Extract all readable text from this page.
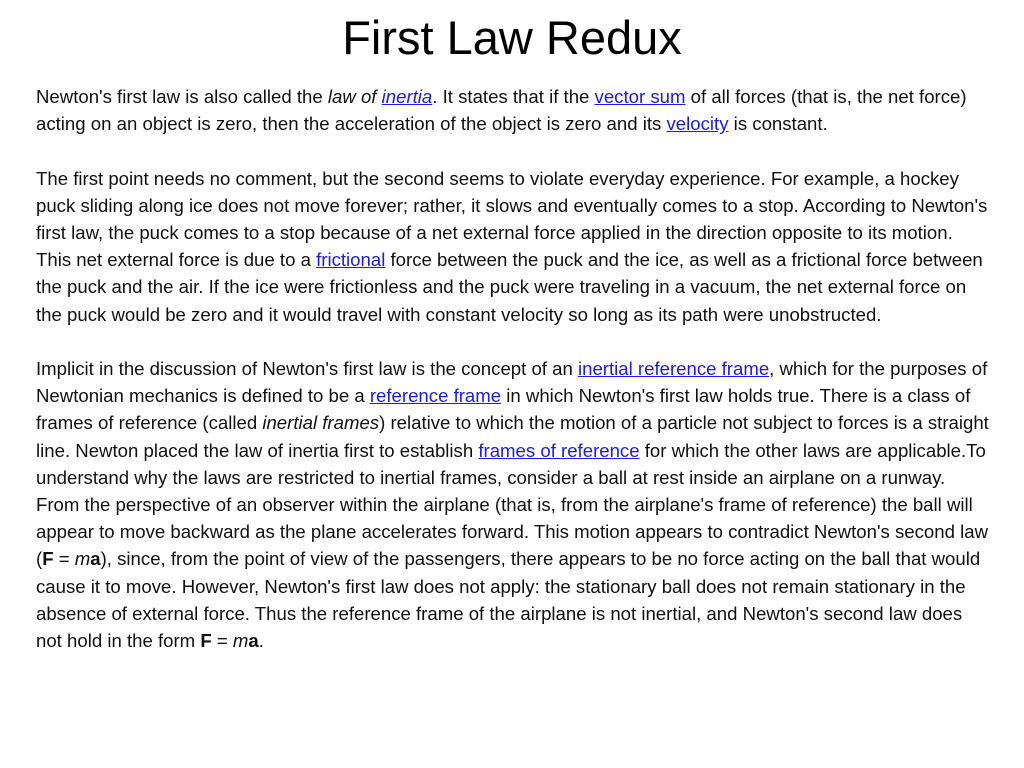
First Law Redux

Newton's first law is also called the law of inertia. It states that if the vector sum of all forces (that is, the net force) acting on an object is zero, then the acceleration of the object is zero and its velocity is constant.

The first point needs no comment, but the second seems to violate everyday experience. For example, a hockey puck sliding along ice does not move forever; rather, it slows and eventually comes to a stop. According to Newton's first law, the puck comes to a stop because of a net external force applied in the direction opposite to its motion. This net external force is due to a frictional force between the puck and the ice, as well as a frictional force between the puck and the air. If the ice were frictionless and the puck were traveling in a vacuum, the net external force on the puck would be zero and it would travel with constant velocity so long as its path were unobstructed.

Implicit in the discussion of Newton's first law is the concept of an inertial reference frame, which for the purposes of Newtonian mechanics is defined to be a reference frame in which Newton's first law holds true. There is a class of frames of reference (called inertial frames) relative to which the motion of a particle not subject to forces is a straight line. Newton placed the law of inertia first to establish frames of reference for which the other laws are applicable.To understand why the laws are restricted to inertial frames, consider a ball at rest inside an airplane on a runway. From the perspective of an observer within the airplane (that is, from the airplane's frame of reference) the ball will appear to move backward as the plane accelerates forward. This motion appears to contradict Newton's second law (F = ma), since, from the point of view of the passengers, there appears to be no force acting on the ball that would cause it to move. However, Newton's first law does not apply: the stationary ball does not remain stationary in the absence of external force. Thus the reference frame of the airplane is not inertial, and Newton's second law does not hold in the form F = ma.
